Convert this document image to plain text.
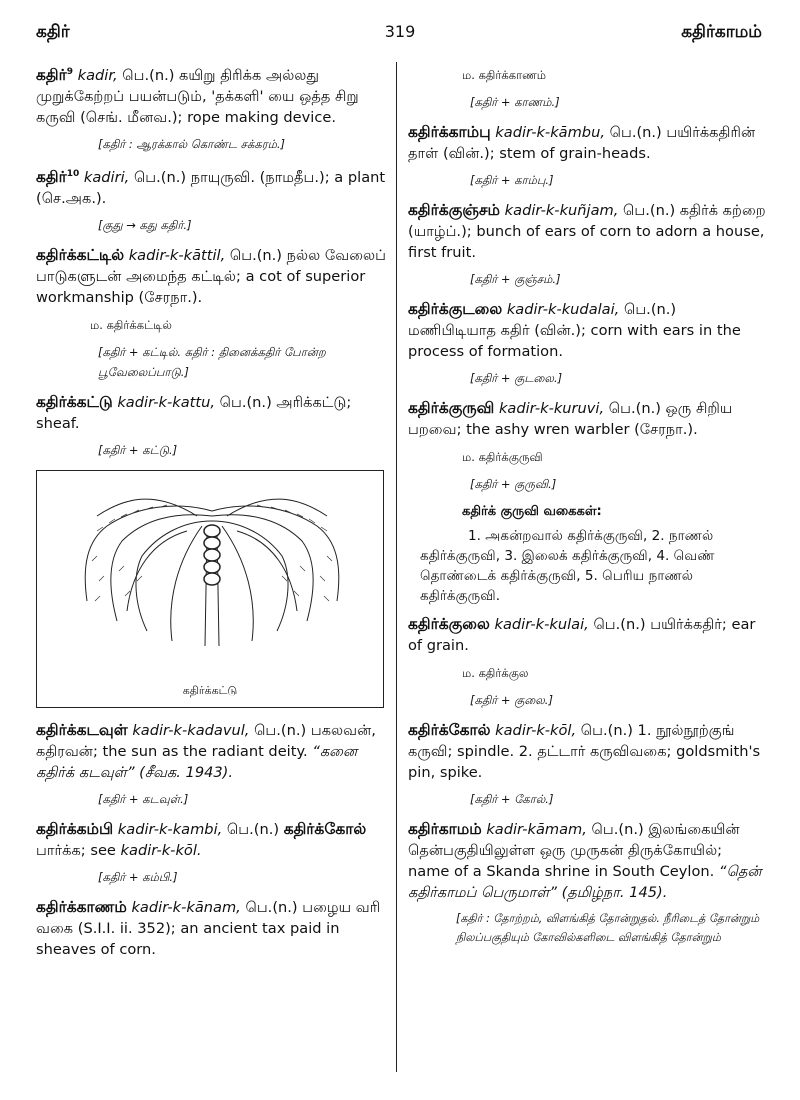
கதிர்	319	கதிர்காமம்
கதிர்$^9$ kadir, பெ.(n.) கயிறு திரிக்க அல்லது முறுக்கேற்றப் பயன்படும், 'தக்களி' யை ஒத்த சிறு கருவி (செங். மீனவ.); rope making device.
[கதிர் : ஆரக்கால் கொண்ட சக்கரம்.]
கதிர்$^{10}$ kadiri, பெ.(n.) நாயுருவி. (நாமதீப.); a plant (செ.அக.).
[குது → கது கதிர்.]
கதிர்க்கட்டில் kadir-k-kāttil, பெ.(n.) நல்ல வேலைப் பாடுகளுடன் அமைந்த கட்டில்; a cot of superior workmanship (சேரநா.).
ம. கதிர்க்கட்டில்
[கதிர் + கட்டில். கதிர் : தினைக்கதிர் போன்ற பூவேலைப்பாடு.]
கதிர்க்கட்டு kadir-k-kattu, பெ.(n.) அரிக்கட்டு; sheaf.
[கதிர் + கட்டு.]
கதிர்க்கட்டு
கதிர்க்கடவுள் kadir-k-kadavul, பெ.(n.) பகலவன், கதிரவன்; the sun as the radiant deity. “கனை கதிர்க் கடவுள்” (சீவக. 1943).
[கதிர் + கடவுள்.]
கதிர்க்கம்பி kadir-k-kambi, பெ.(n.) கதிர்க்கோல் பார்க்க; see kadir-k-kōl.
[கதிர் + கம்பி.]
கதிர்க்காணம் kadir-k-kānam, பெ.(n.) பழைய வரி வகை (S.I.I. ii. 352); an ancient tax paid in sheaves of corn.
ம. கதிர்க்காணம்
[கதிர் + காணம்.]
கதிர்க்காம்பு kadir-k-kāmbu, பெ.(n.) பயிர்க்கதிரின் தாள் (வின்.); stem of grain-heads.
[கதிர் + காம்பு.]
கதிர்க்குஞ்சம் kadir-k-kuñjam, பெ.(n.) கதிர்க் கற்றை (யாழ்ப்.); bunch of ears of corn to adorn a house, first fruit.
[கதிர் + குஞ்சம்.]
கதிர்க்குடலை kadir-k-kudalai, பெ.(n.) மணிபிடியாத கதிர் (வின்.); corn with ears in the process of formation.
[கதிர் + குடலை.]
கதிர்க்குருவி kadir-k-kuruvi, பெ.(n.) ஒரு சிறிய பறவை; the ashy wren warbler (சேரநா.).
ம. கதிர்க்குருவி
[கதிர் + குருவி.]
கதிர்க் குருவி வகைகள்:
1. அகன்றவால் கதிர்க்குருவி, 2. நாணல் கதிர்க்குருவி, 3. இலைக் கதிர்க்குருவி, 4. வெண் தொண்டைக் கதிர்க்குருவி, 5. பெரிய நாணல் கதிர்க்குருவி.
கதிர்க்குலை kadir-k-kulai, பெ.(n.) பயிர்க்கதிர்; ear of grain.
ம. கதிர்க்குல
[கதிர் + குலை.]
கதிர்க்கோல் kadir-k-kōl, பெ.(n.) 1. நூல்நூற்குங் கருவி; spindle. 2. தட்டார் கருவிவகை; goldsmith's pin, spike.
[கதிர் + கோல்.]
கதிர்காமம் kadir-kāmam, பெ.(n.) இலங்கையின் தென்பகுதியிலுள்ள ஒரு முருகன் திருக்கோயில்; name of a Skanda shrine in South Ceylon. “தென் கதிர்காமப் பெருமாள்” (தமிழ்நா. 145).
[கதிர் : தோற்றம், விளங்கித் தோன்றுதல். நீரிடைத் தோன்றும் நிலப்பகுதியும் கோவில்களிடை விளங்கித் தோன்றும்
